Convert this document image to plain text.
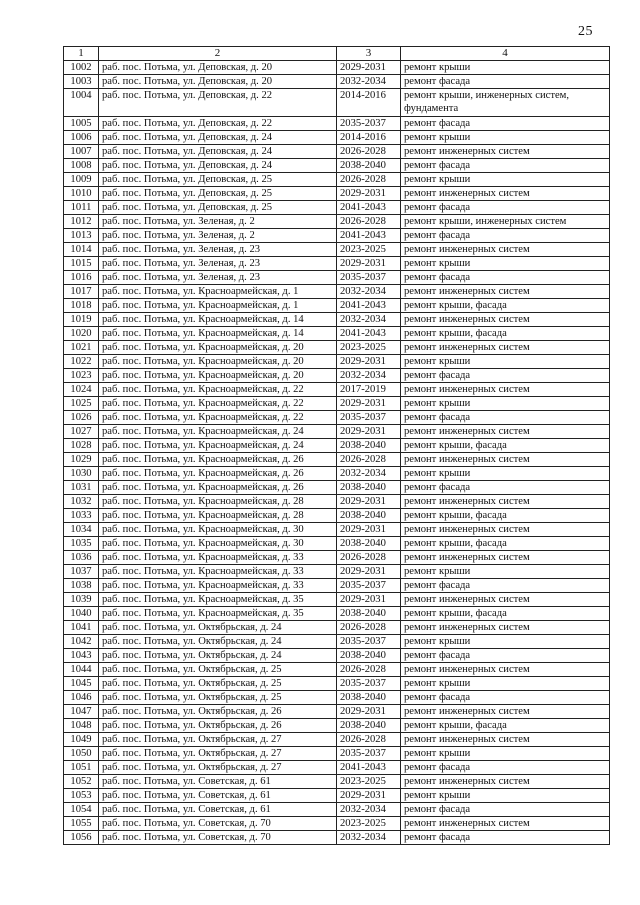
25
1	2	3	4
1002	раб. пос. Потьма, ул. Деповская, д. 20	2029-2031	ремонт крыши
1003	раб. пос. Потьма, ул. Деповская, д. 20	2032-2034	ремонт фасада
1004	раб. пос. Потьма, ул. Деповская, д. 22	2014-2016	ремонт крыши, инженерных систем, фундамента
1005	раб. пос. Потьма, ул. Деповская, д. 22	2035-2037	ремонт фасада
1006	раб. пос. Потьма, ул. Деповская, д. 24	2014-2016	ремонт крыши
1007	раб. пос. Потьма, ул. Деповская, д. 24	2026-2028	ремонт инженерных систем
1008	раб. пос. Потьма, ул. Деповская, д. 24	2038-2040	ремонт фасада
1009	раб. пос. Потьма, ул. Деповская, д. 25	2026-2028	ремонт крыши
1010	раб. пос. Потьма, ул. Деповская, д. 25	2029-2031	ремонт инженерных систем
1011	раб. пос. Потьма, ул. Деповская, д. 25	2041-2043	ремонт фасада
1012	раб. пос. Потьма, ул. Зеленая, д. 2	2026-2028	ремонт крыши, инженерных систем
1013	раб. пос. Потьма, ул. Зеленая, д. 2	2041-2043	ремонт фасада
1014	раб. пос. Потьма, ул. Зеленая, д. 23	2023-2025	ремонт инженерных систем
1015	раб. пос. Потьма, ул. Зеленая, д. 23	2029-2031	ремонт крыши
1016	раб. пос. Потьма, ул. Зеленая, д. 23	2035-2037	ремонт фасада
1017	раб. пос. Потьма, ул. Красноармейская, д. 1	2032-2034	ремонт инженерных систем
1018	раб. пос. Потьма, ул. Красноармейская, д. 1	2041-2043	ремонт крыши, фасада
1019	раб. пос. Потьма, ул. Красноармейская, д. 14	2032-2034	ремонт инженерных систем
1020	раб. пос. Потьма, ул. Красноармейская, д. 14	2041-2043	ремонт крыши, фасада
1021	раб. пос. Потьма, ул. Красноармейская, д. 20	2023-2025	ремонт инженерных систем
1022	раб. пос. Потьма, ул. Красноармейская, д. 20	2029-2031	ремонт крыши
1023	раб. пос. Потьма, ул. Красноармейская, д. 20	2032-2034	ремонт фасада
1024	раб. пос. Потьма, ул. Красноармейская, д. 22	2017-2019	ремонт инженерных систем
1025	раб. пос. Потьма, ул. Красноармейская, д. 22	2029-2031	ремонт крыши
1026	раб. пос. Потьма, ул. Красноармейская, д. 22	2035-2037	ремонт фасада
1027	раб. пос. Потьма, ул. Красноармейская, д. 24	2029-2031	ремонт инженерных систем
1028	раб. пос. Потьма, ул. Красноармейская, д. 24	2038-2040	ремонт крыши, фасада
1029	раб. пос. Потьма, ул. Красноармейская, д. 26	2026-2028	ремонт инженерных систем
1030	раб. пос. Потьма, ул. Красноармейская, д. 26	2032-2034	ремонт крыши
1031	раб. пос. Потьма, ул. Красноармейская, д. 26	2038-2040	ремонт фасада
1032	раб. пос. Потьма, ул. Красноармейская, д. 28	2029-2031	ремонт инженерных систем
1033	раб. пос. Потьма, ул. Красноармейская, д. 28	2038-2040	ремонт крыши, фасада
1034	раб. пос. Потьма, ул. Красноармейская, д. 30	2029-2031	ремонт инженерных систем
1035	раб. пос. Потьма, ул. Красноармейская, д. 30	2038-2040	ремонт крыши, фасада
1036	раб. пос. Потьма, ул. Красноармейская, д. 33	2026-2028	ремонт инженерных систем
1037	раб. пос. Потьма, ул. Красноармейская, д. 33	2029-2031	ремонт крыши
1038	раб. пос. Потьма, ул. Красноармейская, д. 33	2035-2037	ремонт фасада
1039	раб. пос. Потьма, ул. Красноармейская, д. 35	2029-2031	ремонт инженерных систем
1040	раб. пос. Потьма, ул. Красноармейская, д. 35	2038-2040	ремонт крыши, фасада
1041	раб. пос. Потьма, ул. Октябрьская, д. 24	2026-2028	ремонт инженерных систем
1042	раб. пос. Потьма, ул. Октябрьская, д. 24	2035-2037	ремонт крыши
1043	раб. пос. Потьма, ул. Октябрьская, д. 24	2038-2040	ремонт фасада
1044	раб. пос. Потьма, ул. Октябрьская, д. 25	2026-2028	ремонт инженерных систем
1045	раб. пос. Потьма, ул. Октябрьская, д. 25	2035-2037	ремонт крыши
1046	раб. пос. Потьма, ул. Октябрьская, д. 25	2038-2040	ремонт фасада
1047	раб. пос. Потьма, ул. Октябрьская, д. 26	2029-2031	ремонт инженерных систем
1048	раб. пос. Потьма, ул. Октябрьская, д. 26	2038-2040	ремонт крыши, фасада
1049	раб. пос. Потьма, ул. Октябрьская, д. 27	2026-2028	ремонт инженерных систем
1050	раб. пос. Потьма, ул. Октябрьская, д. 27	2035-2037	ремонт крыши
1051	раб. пос. Потьма, ул. Октябрьская, д. 27	2041-2043	ремонт фасада
1052	раб. пос. Потьма, ул. Советская, д. 61	2023-2025	ремонт инженерных систем
1053	раб. пос. Потьма, ул. Советская, д. 61	2029-2031	ремонт крыши
1054	раб. пос. Потьма, ул. Советская, д. 61	2032-2034	ремонт фасада
1055	раб. пос. Потьма, ул. Советская, д. 70	2023-2025	ремонт инженерных систем
1056	раб. пос. Потьма, ул. Советская, д. 70	2032-2034	ремонт фасада
